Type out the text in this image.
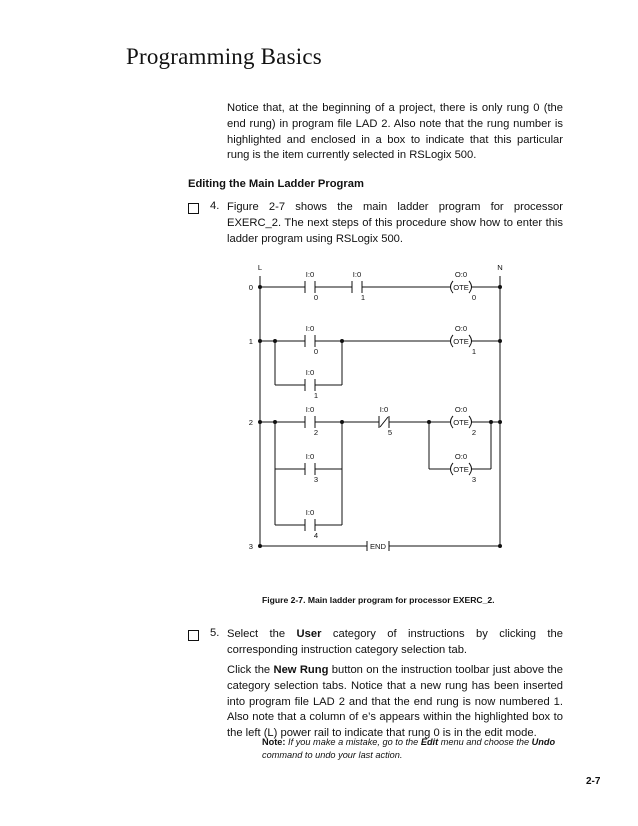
Programming Basics
Notice that, at the beginning of a project, there is only rung 0 (the end rung) in program file LAD 2. Also note that the rung number is highlighted and enclosed in a box to indicate that this particular rung is the item currently selected in RSLogix 500.
Editing the Main Ladder Program
4. Figure 2-7 shows the main ladder program for processor EXERC_2. The next steps of this procedure show how to enter this ladder program using RSLogix 500.
L	N
0
I:0
0
I:0
1
OTE
O:0
0
1
I:0
0
OTE
O:0
1
I:0
1
2
I:0
2
I:0
5
OTE
O:0
2
I:0
3
I:0
4
OTE
O:0
3
3	END
Figure 2-7. Main ladder program for processor EXERC_2.
5. Select the User category of instructions by clicking the corresponding instruction category selection tab.
Click the New Rung button on the instruction toolbar just above the category selection tabs. Notice that a new rung has been inserted into program file LAD 2 and that the end rung is now numbered 1. Also note that a column of e’s appears within the highlighted box to the left (L) power rail to indicate that rung 0 is in the edit mode.
Note: If you make a mistake, go to the Edit menu and choose the Undo command to undo your last action.
2-7
